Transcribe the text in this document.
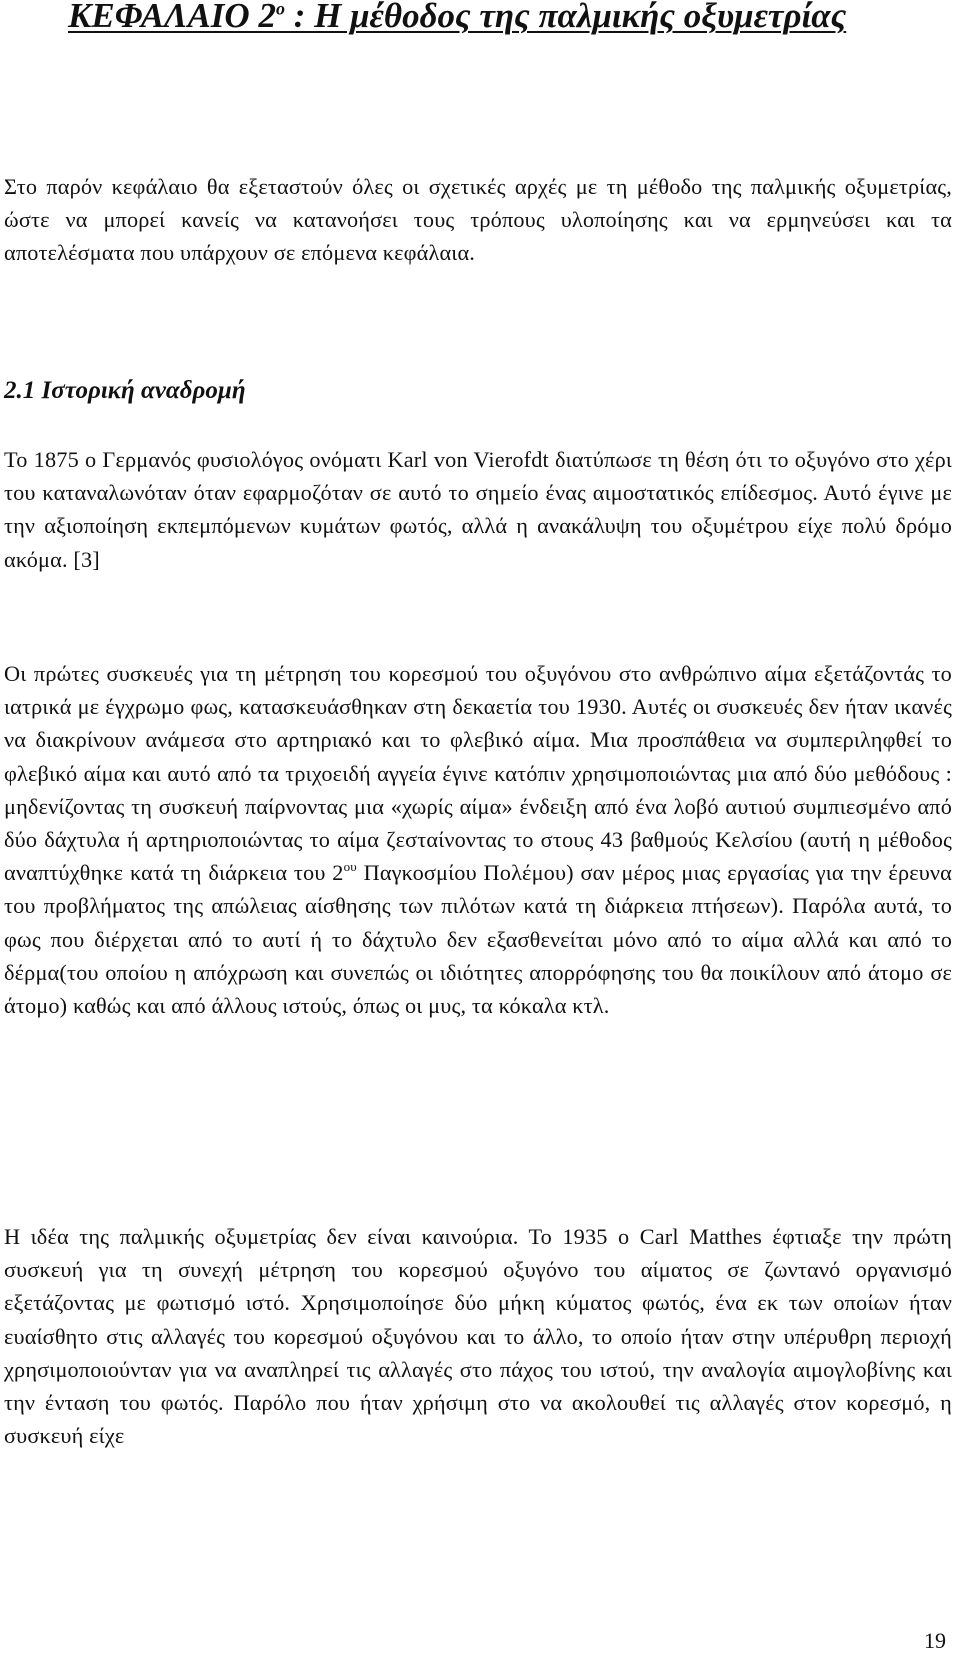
ΚΕΦΑΛΑΙΟ $2^o$ : Η μέθοδος της παλμικής οξυμετρίας

Στο παρόν κεφάλαιο θα εξεταστούν όλες οι σχετικές αρχές με τη μέθοδο της παλμικής οξυμετρίας, ώστε να μπορεί κανείς να κατανοήσει τους τρόπους υλοποίησης και να ερμηνεύσει και τα αποτελέσματα που υπάρχουν σε επόμενα κεφάλαια.

2.1 Ιστορική αναδρομή

Το 1875 ο Γερμανός φυσιολόγος ονόματι Karl von Vierofdt διατύπωσε τη θέση ότι το οξυγόνο στο χέρι του καταναλωνόταν όταν εφαρμοζόταν σε αυτό το σημείο ένας αιμοστατικός επίδεσμος. Αυτό έγινε με την αξιοποίηση εκπεμπόμενων κυμάτων φωτός, αλλά η ανακάλυψη του οξυμέτρου είχε πολύ δρόμο ακόμα. [3]

Οι πρώτες συσκευές για τη μέτρηση του κορεσμού του οξυγόνου στο ανθρώπινο αίμα εξετάζοντάς το ιατρικά με έγχρωμο φως, κατασκευάσθηκαν στη δεκαετία του 1930. Αυτές οι συσκευές δεν ήταν ικανές να διακρίνουν ανάμεσα στο αρτηριακό και το φλεβικό αίμα. Μια προσπάθεια να συμπεριληφθεί το φλεβικό αίμα και αυτό από τα τριχοειδή αγγεία έγινε κατόπιν χρησιμοποιώντας μια από δύο μεθόδους : μηδενίζοντας τη συσκευή παίρνοντας μια «χωρίς αίμα» ένδειξη από ένα λοβό αυτιού συμπιεσμένο από δύο δάχτυλα ή αρτηριοποιώντας το αίμα ζεσταίνοντας το στους 43 βαθμούς Κελσίου (αυτή η μέθοδος αναπτύχθηκε κατά τη διάρκεια του $2^{o\upsilon}$ Παγκοσμίου Πολέμου) σαν μέρος μιας εργασίας για την έρευνα του προβλήματος της απώλειας αίσθησης των πιλότων κατά τη διάρκεια πτήσεων). Παρόλα αυτά, το φως που διέρχεται από το αυτί ή το δάχτυλο δεν εξασθενείται μόνο από το αίμα αλλά και από το δέρμα(του οποίου η απόχρωση και συνεπώς οι ιδιότητες απορρόφησης του θα ποικίλουν από άτομο σε άτομο) καθώς και από άλλους ιστούς, όπως οι μυς, τα κόκαλα κτλ.

Η ιδέα της παλμικής οξυμετρίας δεν είναι καινούρια. Το 1935 ο Carl Matthes έφτιαξε την πρώτη συσκευή για τη συνεχή μέτρηση του κορεσμού οξυγόνο του αίματος σε ζωντανό οργανισμό εξετάζοντας με φωτισμό ιστό. Χρησιμοποίησε δύο μήκη κύματος φωτός, ένα εκ των οποίων ήταν ευαίσθητο στις αλλαγές του κορεσμού οξυγόνου και το άλλο, το οποίο ήταν στην υπέρυθρη περιοχή χρησιμοποιούνταν για να αναπληρεί τις αλλαγές στο πάχος του ιστού, την αναλογία αιμογλοβίνης και την ένταση του φωτός. Παρόλο που ήταν χρήσιμη στο να ακολουθεί τις αλλαγές στον κορεσμό, η συσκευή είχε

19
